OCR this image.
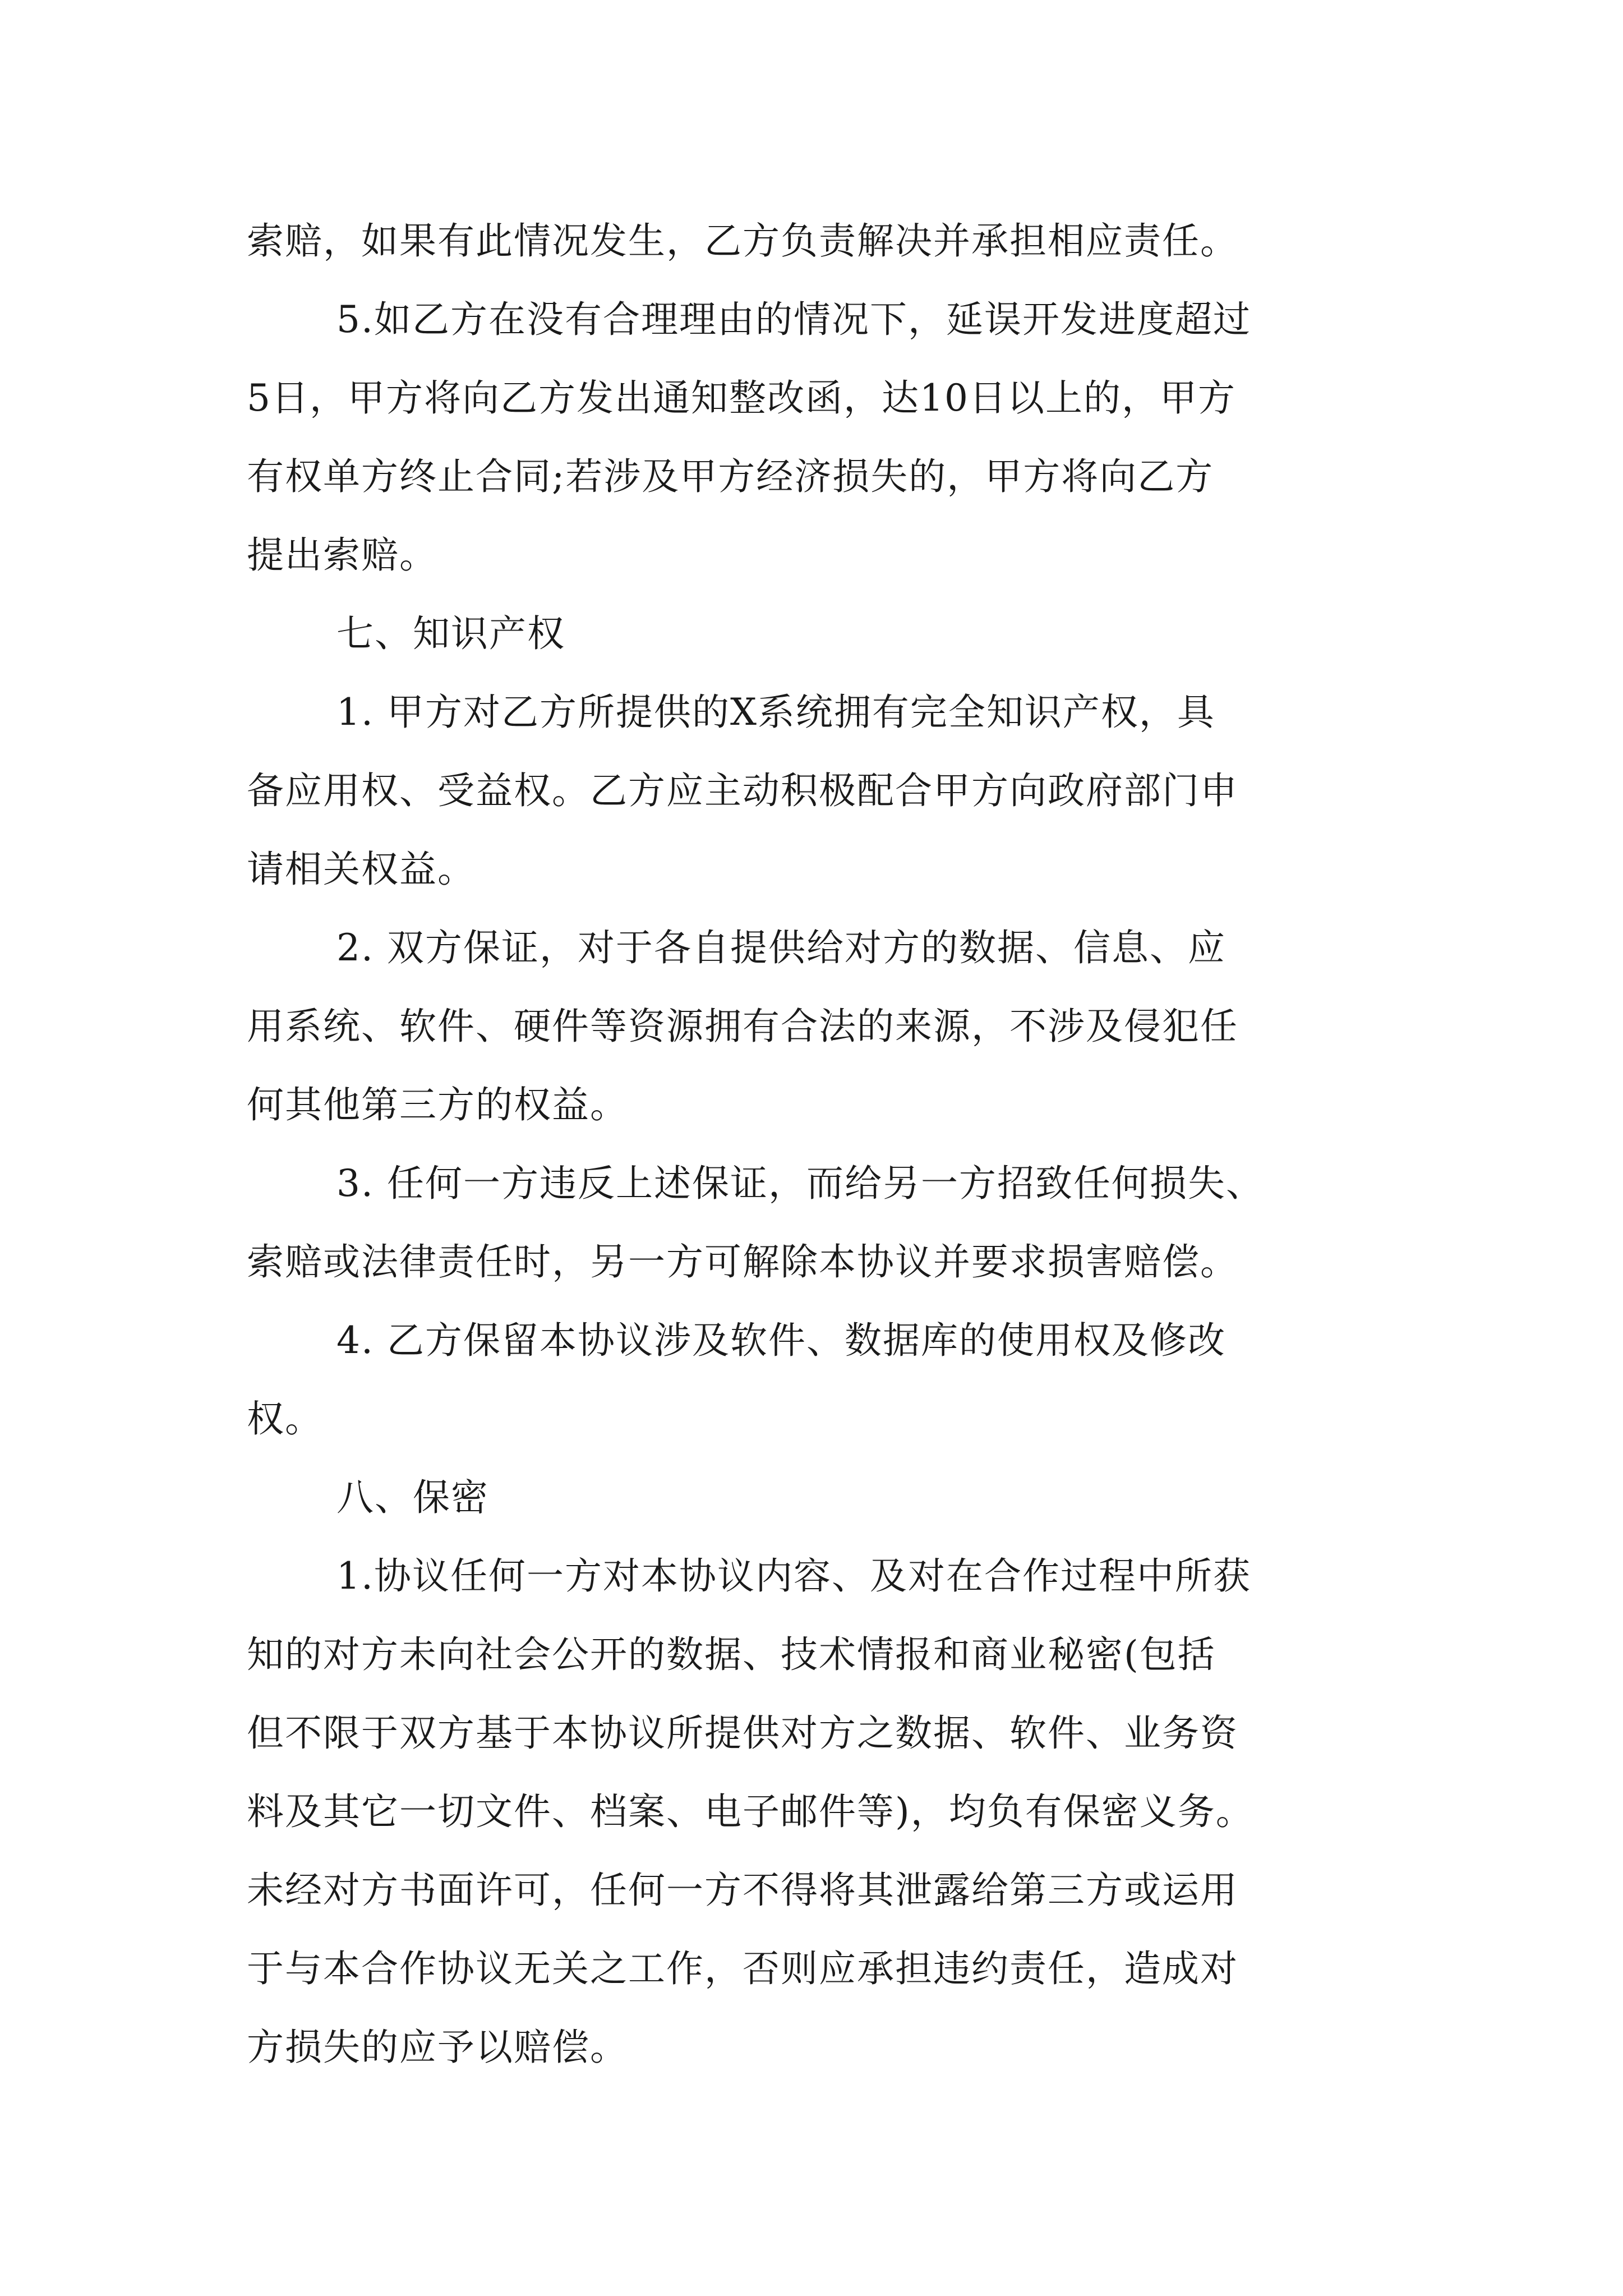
索赔，如果有此情况发生，乙方负责解决并承担相应责任。
5.如乙方在没有合理理由的情况下，延误开发进度超过
5日，甲方将向乙方发出通知整改函，达10日以上的，甲方
有权单方终止合同;若涉及甲方经济损失的，甲方将向乙方
提出索赔。
七、知识产权
1. 甲方对乙方所提供的X系统拥有完全知识产权，具
备应用权、受益权。乙方应主动积极配合甲方向政府部门申
请相关权益。
2. 双方保证，对于各自提供给对方的数据、信息、应
用系统、软件、硬件等资源拥有合法的来源，不涉及侵犯任
何其他第三方的权益。
3. 任何一方违反上述保证，而给另一方招致任何损失、
索赔或法律责任时，另一方可解除本协议并要求损害赔偿。
4. 乙方保留本协议涉及软件、数据库的使用权及修改
权。
八、保密
1.协议任何一方对本协议内容、及对在合作过程中所获
知的对方未向社会公开的数据、技术情报和商业秘密(包括
但不限于双方基于本协议所提供对方之数据、软件、业务资
料及其它一切文件、档案、电子邮件等)，均负有保密义务。
未经对方书面许可，任何一方不得将其泄露给第三方或运用
于与本合作协议无关之工作，否则应承担违约责任，造成对
方损失的应予以赔偿。
